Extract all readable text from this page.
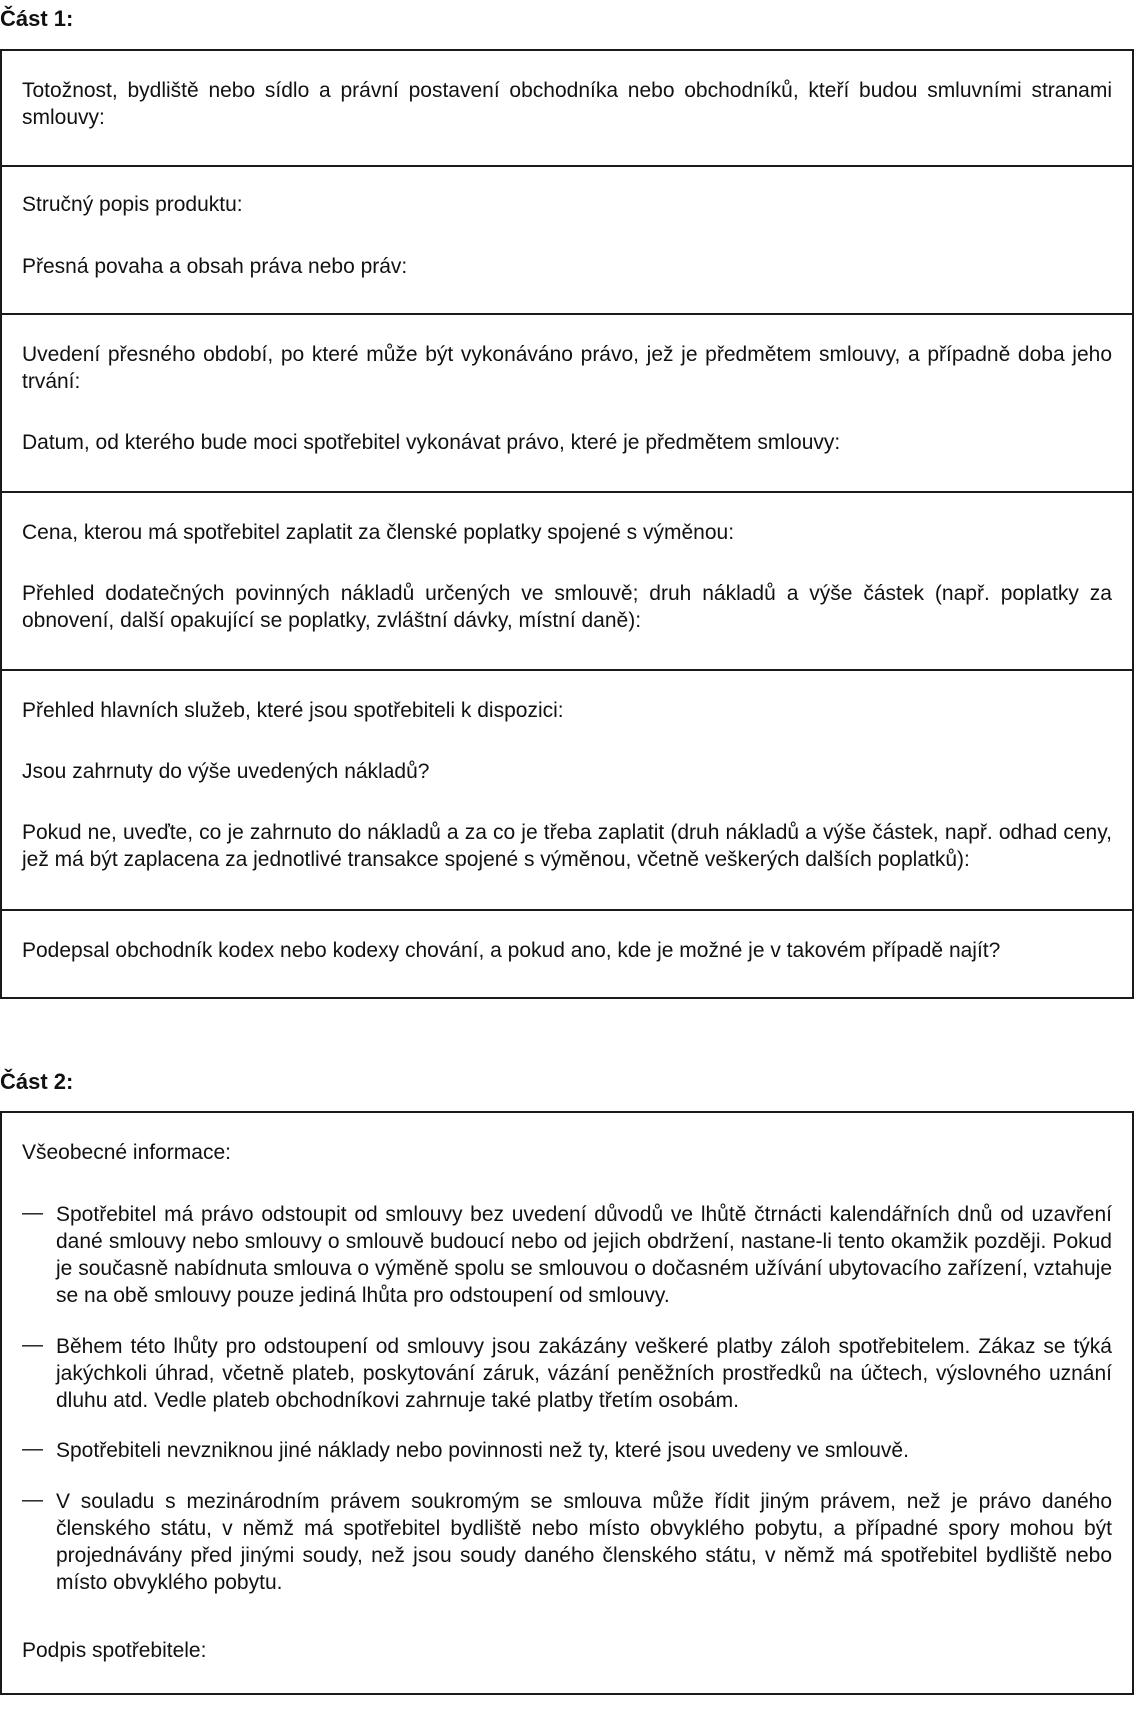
Část 1:

Totožnost, bydliště nebo sídlo a právní postavení obchodníka nebo obchodníků, kteří budou smluvními stranami smlouvy:

Stručný popis produktu:

Přesná povaha a obsah práva nebo práv:

Uvedení přesného období, po které může být vykonáváno právo, jež je předmětem smlouvy, a případně doba jeho trvání:

Datum, od kterého bude moci spotřebitel vykonávat právo, které je předmětem smlouvy:

Cena, kterou má spotřebitel zaplatit za členské poplatky spojené s výměnou:

Přehled dodatečných povinných nákladů určených ve smlouvě; druh nákladů a výše částek (např. poplatky za obnovení, další opakující se poplatky, zvláštní dávky, místní daně):

Přehled hlavních služeb, které jsou spotřebiteli k dispozici:

Jsou zahrnuty do výše uvedených nákladů?

Pokud ne, uveďte, co je zahrnuto do nákladů a za co je třeba zaplatit (druh nákladů a výše částek, např. odhad ceny, jež má být zaplacena za jednotlivé transakce spojené s výměnou, včetně veškerých dalších poplatků):

Podepsal obchodník kodex nebo kodexy chování, a pokud ano, kde je možné je v takovém případě najít?

Část 2:

Všeobecné informace:

— Spotřebitel má právo odstoupit od smlouvy bez uvedení důvodů ve lhůtě čtrnácti kalendářních dnů od uzavření dané smlouvy nebo smlouvy o smlouvě budoucí nebo od jejich obdržení, nastane-li tento okamžik později. Pokud je současně nabídnuta smlouva o výměně spolu se smlouvou o dočasném užívání ubytovacího zařízení, vztahuje se na obě smlouvy pouze jediná lhůta pro odstoupení od smlouvy.

— Během této lhůty pro odstoupení od smlouvy jsou zakázány veškeré platby záloh spotřebitelem. Zákaz se týká jakýchkoli úhrad, včetně plateb, poskytování záruk, vázání peněžních prostředků na účtech, výslovného uznání dluhu atd. Vedle plateb obchodníkovi zahrnuje také platby třetím osobám.

— Spotřebiteli nevzniknou jiné náklady nebo povinnosti než ty, které jsou uvedeny ve smlouvě.

— V souladu s mezinárodním právem soukromým se smlouva může řídit jiným právem, než je právo daného členského státu, v němž má spotřebitel bydliště nebo místo obvyklého pobytu, a případné spory mohou být projednávány před jinými soudy, než jsou soudy daného členského státu, v němž má spotřebitel bydliště nebo místo obvyklého pobytu.

Podpis spotřebitele:
